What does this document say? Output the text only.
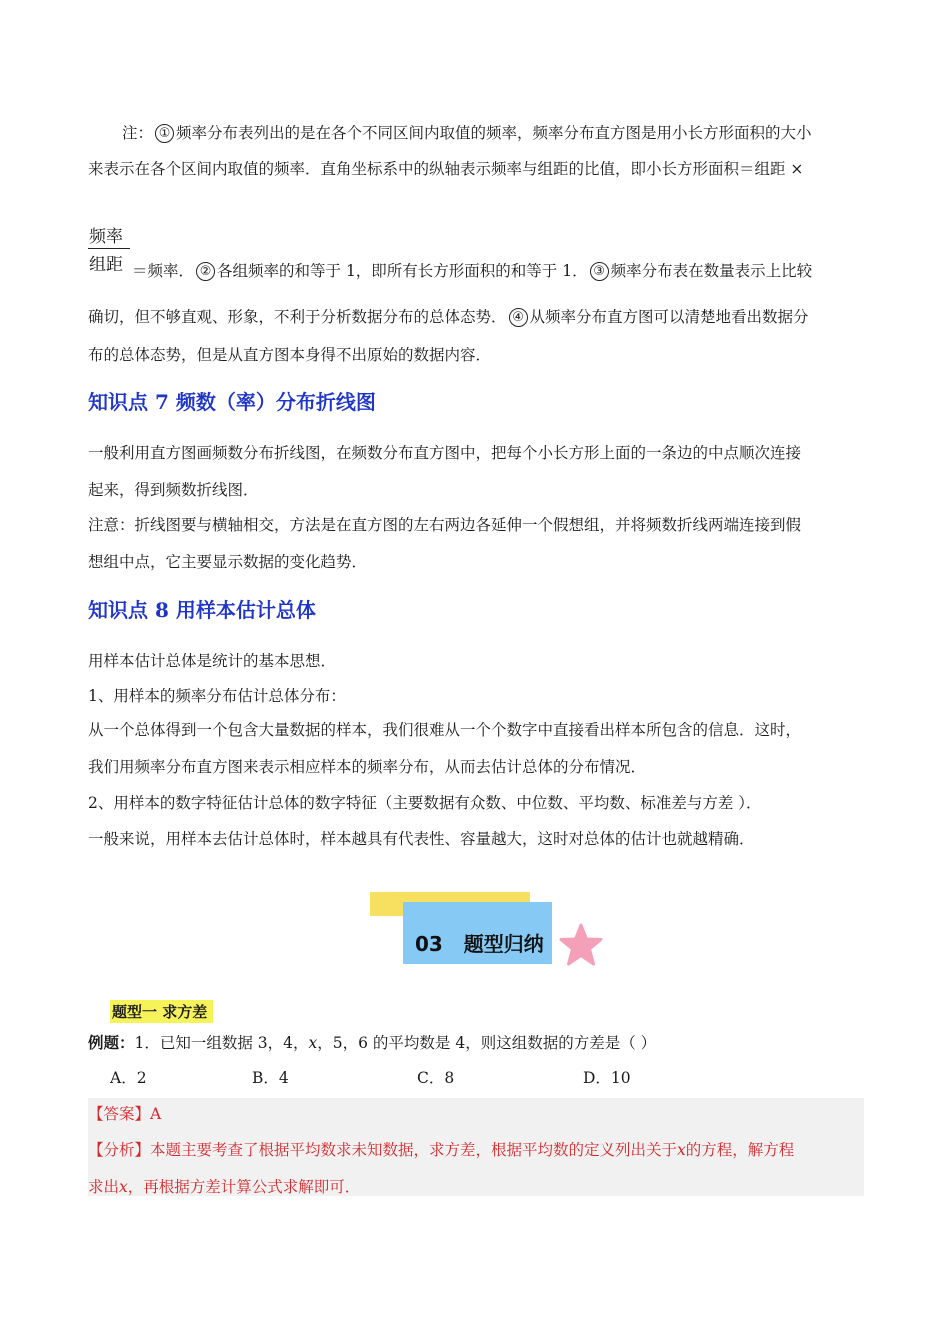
注： ① 频率分布表列出的是在各个不同区间内取值的频率，频率分布直方图是用小长方形面积的大小
来表示在各个区间内取值的频率．直角坐标系中的纵轴表示频率与组距的比值，即小长方形面积＝组距 ×
频率
组距 ＝频率． ② 各组频率的和等于 1，即所有长方形面积的和等于 1． ③ 频率分布表在数量表示上比较
确切，但不够直观、形象，不利于分析数据分布的总体态势． ④ 从频率分布直方图可以清楚地看出数据分
布的总体态势，但是从直方图本身得不出原始的数据内容．
知识点 7 频数（率）分布折线图
一般利用直方图画频数分布折线图，在频数分布直方图中，把每个小长方形上面的一条边的中点顺次连接
起来，得到频数折线图．
注意：折线图要与横轴相交，方法是在直方图的左右两边各延伸一个假想组，并将频数折线两端连接到假
想组中点，它主要显示数据的变化趋势．
知识点 8 用样本估计总体
用样本估计总体是统计的基本思想．
1、用样本的频率分布估计总体分布：
从一个总体得到一个包含大量数据的样本，我们很难从一个个数字中直接看出样本所包含的信息．这时，
我们用频率分布直方图来表示相应样本的频率分布，从而去估计总体的分布情况．
2、用样本的数字特征估计总体的数字特征（主要数据有众数、中位数、平均数、标准差与方差 ）．
一般来说，用样本去估计总体时，样本越具有代表性、容量越大，这时对总体的估计也就越精确．
03 题型归纳
题型一 求方差
例题：1．已知一组数据 3，4，x，5，6 的平均数是 4，则这组数据的方差是（ ）
A．2	B．4	C．8	D．10
【答案】A
【分析】本题主要考查了根据平均数求未知数据，求方差，根据平均数的定义列出关于x的方程，解方程
求出x，再根据方差计算公式求解即可．
